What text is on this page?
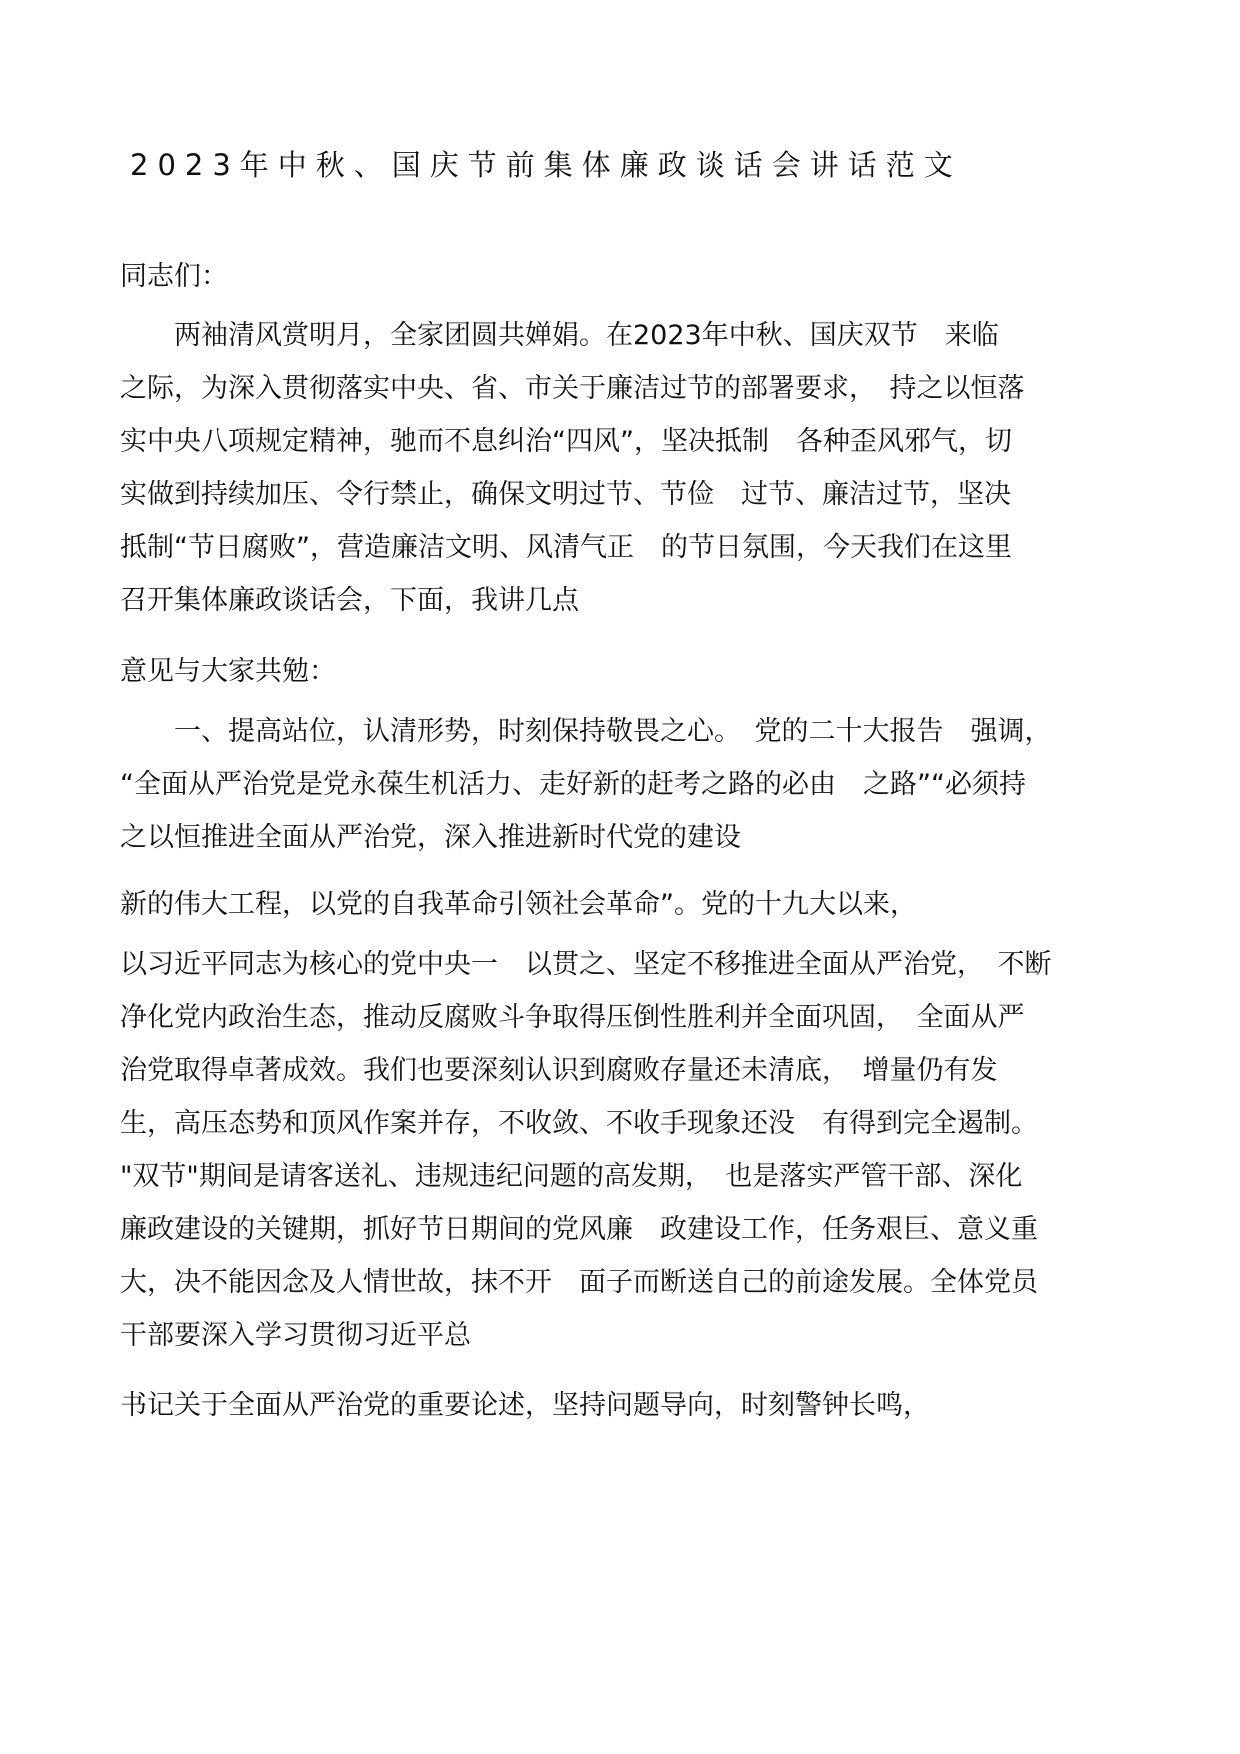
2023年中秋、国庆节前集体廉政谈话会讲话范文
同志们：
　　两袖清风赏明月，全家团圆共婵娟。在2023年中秋、国庆双节　来临
之际，为深入贯彻落实中央、省、市关于廉洁过节的部署要求，　持之以恒落
实中央八项规定精神，驰而不息纠治“四风”，坚决抵制　各种歪风邪气，切
实做到持续加压、令行禁止，确保文明过节、节俭　过节、廉洁过节，坚决
抵制“节日腐败”，营造廉洁文明、风清气正　的节日氛围，今天我们在这里
召开集体廉政谈话会，下面，我讲几点
意见与大家共勉：
　　一、提高站位，认清形势，时刻保持敬畏之心。　党的二十大报告　强调，
“全面从严治党是党永葆生机活力、走好新的赶考之路的必由　之路”“必须持
之以恒推进全面从严治党，深入推进新时代党的建设
新的伟大工程，以党的自我革命引领社会革命”。党的十九大以来，
以习近平同志为核心的党中央一　以贯之、坚定不移推进全面从严治党，　不断
净化党内政治生态，推动反腐败斗争取得压倒性胜利并全面巩固，　全面从严
治党取得卓著成效。我们也要深刻认识到腐败存量还未清底，　增量仍有发
生，高压态势和顶风作案并存，不收敛、不收手现象还没　有得到完全遏制。
"双节"期间是请客送礼、违规违纪问题的高发期，　也是落实严管干部、深化
廉政建设的关键期，抓好节日期间的党风廉　政建设工作，任务艰巨、意义重
大，决不能因念及人情世故，抹不开　面子而断送自己的前途发展。全体党员
干部要深入学习贯彻习近平总
书记关于全面从严治党的重要论述，坚持问题导向，时刻警钟长鸣，
